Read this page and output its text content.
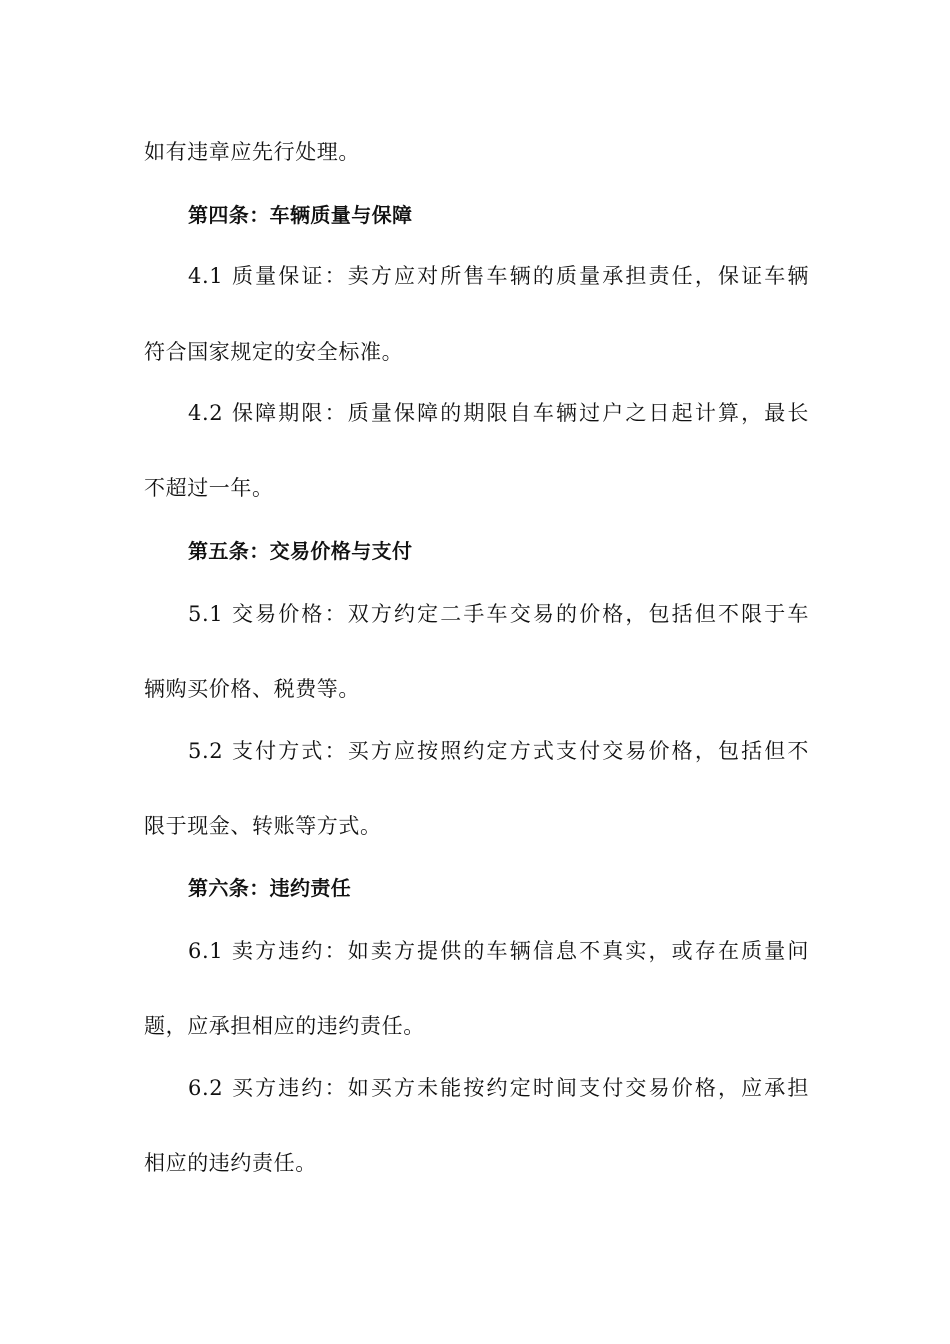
如有违章应先行处理。
第四条：车辆质量与保障
4.1 质量保证：卖方应对所售车辆的质量承担责任，保证车辆
符合国家规定的安全标准。
4.2 保障期限：质量保障的期限自车辆过户之日起计算，最长
不超过一年。
第五条：交易价格与支付
5.1 交易价格：双方约定二手车交易的价格，包括但不限于车
辆购买价格、税费等。
5.2 支付方式：买方应按照约定方式支付交易价格，包括但不
限于现金、转账等方式。
第六条：违约责任
6.1 卖方违约：如卖方提供的车辆信息不真实，或存在质量问
题，应承担相应的违约责任。
6.2 买方违约：如买方未能按约定时间支付交易价格，应承担
相应的违约责任。
